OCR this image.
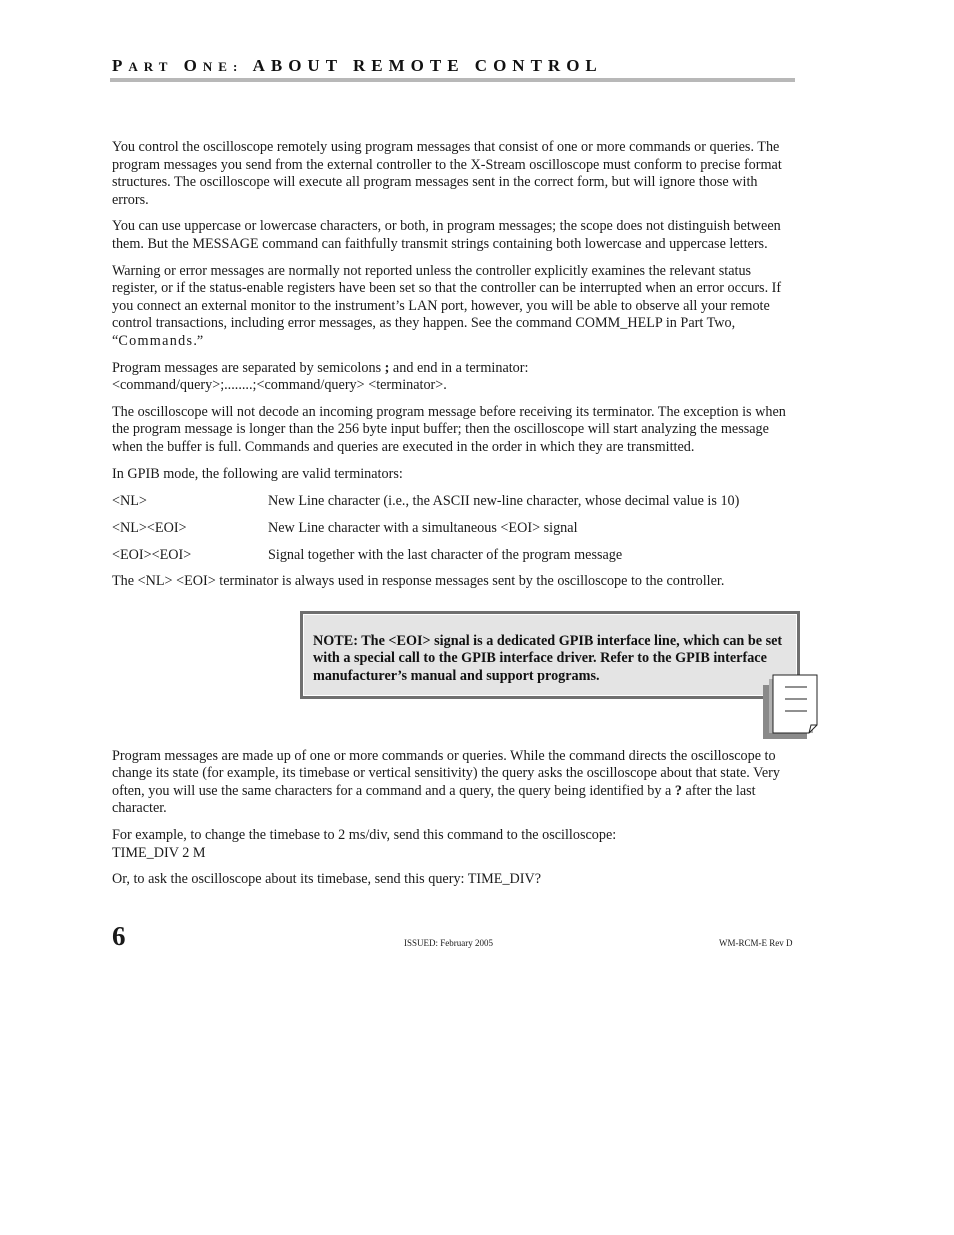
PART ONE: ABOUT REMOTE CONTROL

You control the oscilloscope remotely using program messages that consist of one or more commands or queries. The program messages you send from the external controller to the X-Stream oscilloscope must conform to precise format structures. The oscilloscope will execute all program messages sent in the correct form, but will ignore those with errors.

You can use uppercase or lowercase characters, or both, in program messages; the scope does not distinguish between them. But the MESSAGE command can faithfully transmit strings containing both lowercase and uppercase letters.

Warning or error messages are normally not reported unless the controller explicitly examines the relevant status register, or if the status-enable registers have been set so that the controller can be interrupted when an error occurs. If you connect an external monitor to the instrument’s LAN port, however, you will be able to observe all your remote control transactions, including error messages, as they happen. See the command COMM_HELP in Part Two, “Commands.”

Program messages are separated by semicolons ; and end in a terminator:
<command/query>;........;<command/query> <terminator>.

The oscilloscope will not decode an incoming program message before receiving its terminator. The exception is when the program message is longer than the 256 byte input buffer; then the oscilloscope will start analyzing the message when the buffer is full. Commands and queries are executed in the order in which they are transmitted.

In GPIB mode, the following are valid terminators:

<NL>	New Line character (i.e., the ASCII new-line character, whose decimal value is 10)
<NL><EOI>	New Line character with a simultaneous <EOI> signal
<EOI><EOI>	Signal together with the last character of the program message

The <NL> <EOI> terminator is always used in response messages sent by the oscilloscope to the controller.

NOTE: The <EOI> signal is a dedicated GPIB interface line, which can be set with a special call to the GPIB interface driver. Refer to the GPIB interface manufacturer’s manual and support programs.

Program messages are made up of one or more commands or queries. While the command directs the oscilloscope to change its state (for example, its timebase or vertical sensitivity) the query asks the oscilloscope about that state. Very often, you will use the same characters for a command and a query, the query being identified by a ? after the last character.

For example, to change the timebase to 2 ms/div, send this command to the oscilloscope:
TIME_DIV 2 M

Or, to ask the oscilloscope about its timebase, send this query: TIME_DIV?

6	ISSUED: February 2005	WM-RCM-E Rev D
